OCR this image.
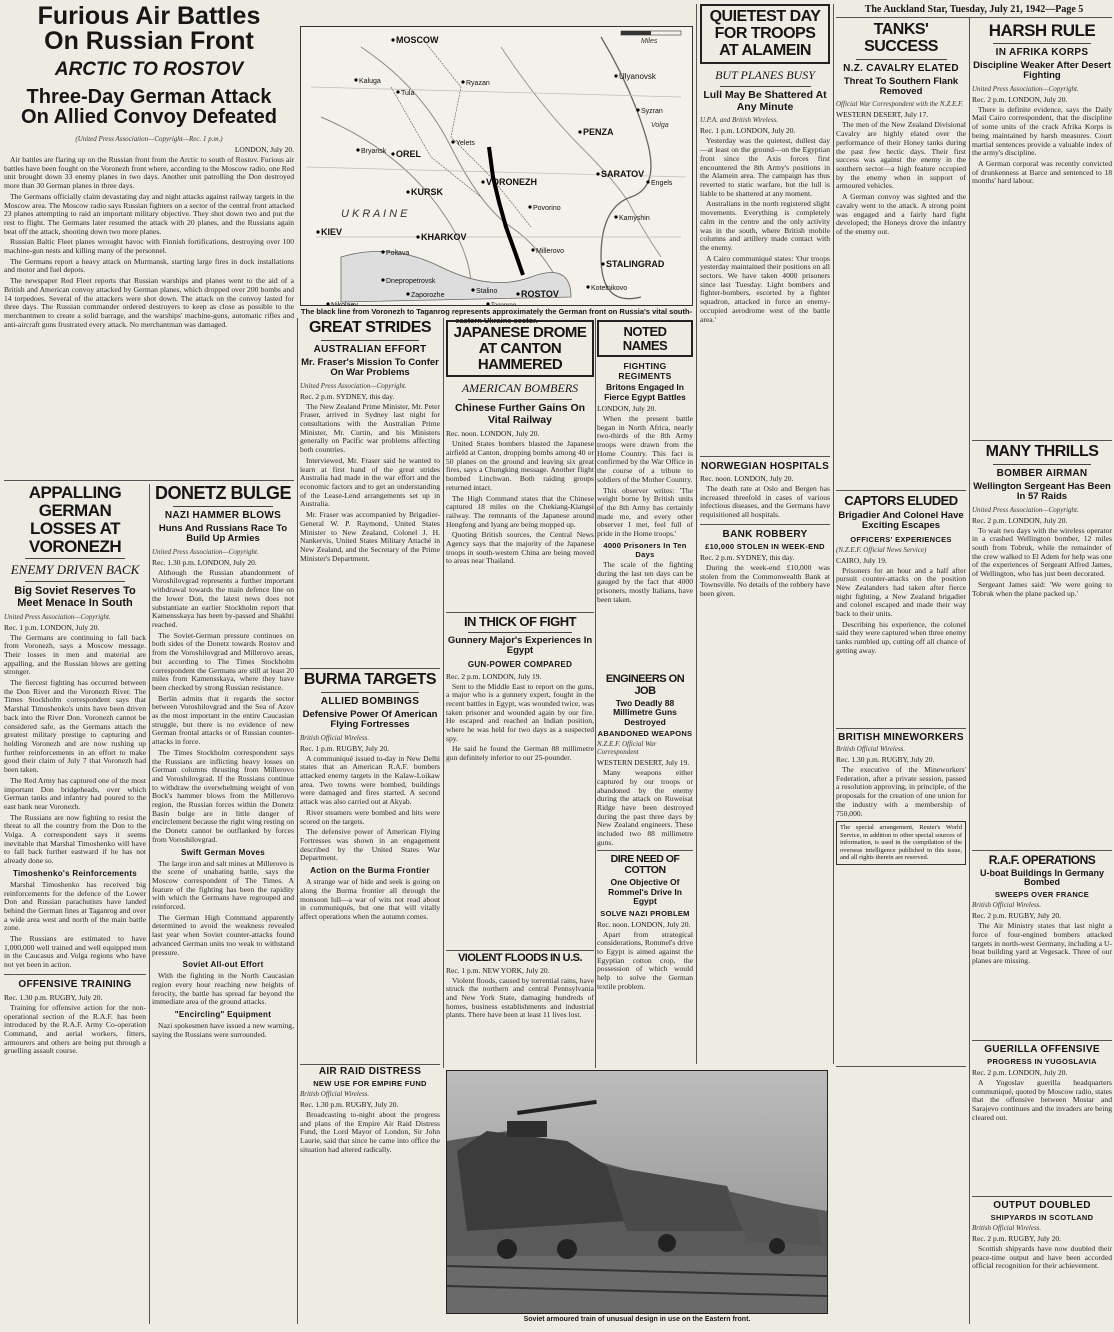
Furious Air Battles
On Russian Front
ARCTIC TO ROSTOV
Three-Day German Attack
On Allied Convoy Defeated
(United Press Association—Copyright—Rec. 1 p.m.)
LONDON, July 20.

Air battles are flaring up on the Russian front from the Arctic to south of Rostov. Furious air battles have been fought on the Voronezh front where, according to the Moscow radio, one Red unit brought down 33 enemy planes in two days. Another unit patrolling the Don destroyed more than 30 German planes in three days.

The Germans officially claim devastating day and night attacks against railway targets in the Moscow area. The Moscow radio says Russian fighters on a sector of the central front attacked 23 planes attempting to raid an important military objective. They shot down two and put the rest to flight. The Germans later resumed the attack with 20 planes, and the Russians again beat off the attack, shooting down two more planes.

Russian Baltic Fleet planes wrought havoc with Finnish fortifications, destroying over 100 machine-gun nests and killing many of the personnel.

The Germans report a heavy attack on Murmansk, starting large fires in dock installations and motor and fuel depots.

The newspaper Red Fleet reports that Russian warships and planes went to the aid of a British and American convoy attacked by German planes, which dropped over 200 bombs and 14 torpedoes. Several of the attackers were shot down. The attack on the convoy lasted for three days. The Russian commander ordered destroyers to keep as close as possible to the merchantmen to create a solid barrage, and the warships' machine-guns, automatic rifles and anti-aircraft guns frustrated every attack. No merchantman was damaged.

MOSCOW
Ryazan
Ulyanovsk
Tula
Kaluga
Syzran
Bryansk OREL
Yelets
PENZA
KURSK
VORONEZH
SARATOV
Engels
KIEV	KHARKOV
Povorino
Kamyshin
STALINGRAD
Poltava	Millerovo
Dnepropetrovsk
Zaporozhe
Stalino	ROSTOV
Kotelnikovo
U K R A I N E
Volga
Miles
The black line from Voronezh to Taganrog represents approximately the German front on Russia's vital south-eastern Ukraine sector.
APPALLING GERMAN LOSSES AT VORONEZH
ENEMY DRIVEN BACK
Big Soviet Reserves To Meet Menace In South
United Press Association—Copyright.
Rec. 1 p.m. LONDON, July 20.

The Germans are continuing to fall back from Voronezh, says a Moscow message. Their losses in men and material are appalling, and the Russian blows are getting stronger.

The fiercest fighting has occurred between the Don River and the Voronezh River. The Times Stockholm correspondent says that Marshal Timoshenko's units have been driven back into the River Don. Voronezh cannot be considered safe, as the Germans attach the greatest military prestige to capturing and holding Voronezh and are now rushing up further reinforcements in an effort to make good their claim of July 7 that Voronezh had been taken.

The Red Army has captured one of the most important Don bridgeheads, over which German tanks and infantry had poured to the east bank near Voronezh.

The Russians are now fighting to resist the threat to all the country from the Don to the Volga. A correspondent says it seems inevitable that Marshal Timoshenko will have to fall back further eastward if he has not already done so.

Timoshenko's Reinforcements

Marshal Timoshenko has received big reinforcements for the defence of the Lower Don and Russian parachutists have landed behind the German lines at Taganrog and over a wide area west and north of the main battle zone.

The Russians are estimated to have 1,000,000 well trained and well equipped men in the Caucasus and Volga regions who have not yet been in action.

OFFENSIVE TRAINING
Rec. 1.30 p.m. RUGBY, July 20.

Training for offensive action for the non-operational section of the R.A.F. has been introduced by the R.A.F. Army Co-operation Command, and aerial workers, fitters, armourers and others are being put through a gruelling assault course.

DONETZ BULGE
NAZI HAMMER BLOWS
Huns And Russians Race To Build Up Armies
United Press Association—Copyright.
Rec. 1.30 p.m. LONDON, July 20.

Although the Russian abandonment of Voroshilovgrad represents a further important withdrawal towards the main defence line on the lower Don, the latest news does not substantiate an earlier Stockholm report that Kamensskaya has been by-passed and Shakhti reached.

The Soviet-German pressure continues on both sides of the Donetz towards Rostov and from the Voroshilovgrad and Millerovo areas, but according to The Times Stockholm correspondent the Germans are still at least 20 miles from Kamensskaya, where they have been checked by strong Russian resistance.

Berlin admits that it regards the sector between Voroshilovgrad and the Sea of Azov as the most important in the entire Caucasian struggle, but there is no evidence of new German frontal attacks or of Russian counter-attacks in force.

The Times Stockholm correspondent says the Russians are inflicting heavy losses on German columns thrusting from Millerovo and Voroshilovgrad. If the Russians continue to withdraw the overwhelming weight of von Bock's hammer blows from the Millerovo region, the Russian forces within the Donetz Basin bulge are in little danger of encirclement because the right wing resting on the Donetz cannot be outflanked by forces from Voroshilovgrad.

Swift German Moves

The large iron and salt mines at Millerovo is the scene of unabating battle, says the Moscow correspondent of The Times. A feature of the fighting has been the rapidity with which the Germans have regrouped and reinforced.

The German High Command apparently determined to avoid the weakness revealed last year when Soviet counter-attacks found advanced German units too weak to withstand pressure.

Soviet All-out Effort

With the fighting in the North Caucasian region every hour reaching new heights of ferocity, the battle has spread far beyond the immediate area of the ground attacks.

"Encircling" Equipment

Nazi spokesmen have issued a new warning, saying the Russians were surrounded.

GREAT STRIDES
AUSTRALIAN EFFORT
Mr. Fraser's Mission To Confer On War Problems
United Press Association—Copyright.
Rec. 2 p.m. SYDNEY, this day.

The New Zealand Prime Minister, Mr. Peter Fraser, arrived in Sydney last night for consultations with the Australian Prime Minister, Mr. Curtin, and his Ministers generally on Pacific war problems affecting both countries.

Interviewed, Mr. Fraser said he wanted to learn at first hand of the great strides Australia had made in the war effort and the economic factors and to get an understanding of the Lease-Lend arrangements set up in Australia.

Mr. Fraser was accompanied by Brigadier-General W. P. Raymond, United States Minister to New Zealand, Colonel J. H. Nankervis, United States Military Attaché in New Zealand, and the Secretary of the Prime Minister's Department.

BURMA TARGETS
ALLIED BOMBINGS
Defensive Power Of American Flying Fortresses
British Official Wireless.
Rec. 1 p.m. RUGBY, July 20.

A communiqué issued to-day in New Delhi states that an American R.A.F. bombers attacked enemy targets in the Kalaw-Loikaw area. Two towns were bombed, buildings were damaged and fires started. A second attack was also carried out at Akyab.

River steamers were bombed and hits were scored on the targets.

The defensive power of American Flying Fortresses was shown in an engagement described by the United States War Department.

Action on the Burma Frontier

A strange war of hide and seek is going on along the Burma frontier all through the monsoon lull—a war of wits not read about in communiqués, but one that will vitally affect operations when the autumn comes.

JAPANESE DROME AT CANTON HAMMERED
AMERICAN BOMBERS
Chinese Further Gains On Vital Railway
Rec. noon. LONDON, July 20.

United States bombers blasted the Japanese airfield at Canton, dropping bombs among 40 or 50 planes on the ground and leaving six great fires, says a Chungking message. Another flight bombed Linchwan. Both raiding groups returned intact.

The High Command states that the Chinese captured 18 miles on the Chekiang-Kiangsi railway. The remnants of the Japanese around Hengfeng and Iyang are being mopped up.

Quoting British sources, the Central News Agency says that the majority of the Japanese troops in south-western China are being moved to areas near Thailand.

IN THICK OF FIGHT
Gunnery Major's Experiences In Egypt
GUN-POWER COMPARED
Rec. 2 p.m. LONDON, July 19.

Sent to the Middle East to report on the guns, a major who is a gunnery expert, fought in the recent battles in Egypt, was wounded twice, was taken prisoner and wounded again by our fire. He escaped and reached an Indian position, where he was held for two days as a suspected spy.

He said he found the German 88 millimetre gun definitely inferior to our 25-pounder.

VIOLENT FLOODS IN U.S.
Rec. 1 p.m. NEW YORK, July 20.

Violent floods, caused by torrential rains, have struck the northern and central Pennsylvania and New York State, damaging hundreds of homes, business establishments and industrial plants. There have been at least 11 lives lost.

AIR RAID DISTRESS
NEW USE FOR EMPIRE FUND
British Official Wireless.
Rec. 1.30 p.m. RUGBY, July 20.

Broadcasting to-night about the progress and plans of the Empire Air Raid Distress Fund, the Lord Mayor of London, Sir John Laurie, said that since he came into office the situation had altered radically.

Soviet armoured train of unusual design in use on the Eastern front.
QUIETEST DAY FOR TROOPS AT ALAMEIN
BUT PLANES BUSY
Lull May Be Shattered At Any Minute
U.P.A. and British Wireless.
Rec. 1 p.m. LONDON, July 20.

Yesterday was the quietest, dullest day—at least on the ground—on the Egyptian front since the Axis forces first encountered the 8th Army's positions in the Alamein area. The campaign has thus reverted to static warfare, but the lull is liable to be shattered at any moment.

Australians in the north registered slight movements. Everything is completely calm in the centre and the only activity was in the south, where British mobile columns and artillery made contact with the enemy.

A Cairo communiqué states: 'Our troops yesterday maintained their positions on all sectors. We have taken 4000 prisoners since last Tuesday. Light bombers and fighter-bombers, escorted by a fighter squadron, attacked in force an enemy-occupied aerodrome west of the battle area.'

NOTED NAMES
FIGHTING REGIMENTS
Britons Engaged In Fierce Egypt Battles
LONDON, July 20.

When the present battle began in North Africa, nearly two-thirds of the 8th Army troops were drawn from the Home Country. This fact is confirmed by the War Office in the course of a tribute to soldiers of the Mother Country.

This observer writes: 'The weight borne by British units of the 8th Army has certainly made me, and every other observer I met, feel full of pride in the Home troops.'

4000 Prisoners In Ten Days

The scale of the fighting during the last ten days can be gauged by the fact that 4000 prisoners, mostly Italians, have been taken.

ENGINEERS ON JOB
Two Deadly 88 Millimetre Guns Destroyed
ABANDONED WEAPONS
N.Z.E.F. Official War Correspondent
WESTERN DESERT, July 19.

Many weapons either captured by our troops or abandoned by the enemy during the attack on Ruweisat Ridge have been destroyed during the past three days by New Zealand engineers. These included two 88 millimetre guns.

DIRE NEED OF COTTON
One Objective Of Rommel's Drive In Egypt
SOLVE NAZI PROBLEM
Rec. noon. LONDON, July 20.

Apart from strategical considerations, Rommel's drive to Egypt is aimed against the Egyptian cotton crop, the possession of which would help to solve the German textile problem.

NORWEGIAN HOSPITALS
Rec. noon. LONDON, July 20.

The death rate at Oslo and Bergen has increased threefold in cases of various infectious diseases, and the Germans have requisitioned all hospitals.

BANK ROBBERY
£10,000 STOLEN IN WEEK-END
Rec. 2 p.m. SYDNEY, this day.

During the week-end £10,000 was stolen from the Commonwealth Bank at Townsville. No details of the robbery have been given.

The Auckland Star, Tuesday, July 21, 1942—Page 5
TANKS' SUCCESS
N.Z. CAVALRY ELATED
Threat To Southern Flank Removed
Official War Correspondent with the N.Z.E.F.
WESTERN DESERT, July 17.

The men of the New Zealand Divisional Cavalry are highly elated over the performance of their Honey tanks during the past few hectic days. Their first success was against the enemy in the southern sector—a high feature occupied by the enemy when in support of armoured vehicles.

A German convoy was sighted and the cavalry went to the attack. A strong point was engaged and a fairly hard fight developed; the Honeys drove the infantry of the enemy out.

CAPTORS ELUDED
Brigadier And Colonel Have Exciting Escapes
OFFICERS' EXPERIENCES
(N.Z.E.F. Official News Service)
CAIRO, July 19.

Prisoners for an hour and a half after pursuit counter-attacks on the position New Zealanders had taken after fierce night fighting, a New Zealand brigadier and colonel escaped and made their way back to their units.

Describing his experience, the colonel said they were captured when three enemy tanks rumbled up, cutting off all chance of getting away.

BRITISH MINEWORKERS
British Official Wireless.
Rec. 1.30 p.m. RUGBY, July 20.

The executive of the Mineworkers' Federation, after a private session, passed a resolution approving, in principle, of the proposals for the creation of one union for the industry with a membership of 750,000.

The special arrangement, Reuter's World Service, in addition to other special sources of information, is used in the compilation of the overseas intelligence published in this issue, and all rights therein are reserved.
HARSH RULE
IN AFRIKA KORPS
Discipline Weaker After Desert Fighting
United Press Association—Copyright.
Rec. 2 p.m. LONDON, July 20.

There is definite evidence, says the Daily Mail Cairo correspondent, that the discipline of some units of the crack Afrika Korps is being maintained by harsh measures. Court martial sentences provide a valuable index of the army's discipline.

A German corporal was recently convicted of drunkenness at Barce and sentenced to 18 months' hard labour.

MANY THRILLS
BOMBER AIRMAN
Wellington Sergeant Has Been In 57 Raids
United Press Association—Copyright.
Rec. 2 p.m. LONDON, July 20.

To wait two days with the wireless operator in a crashed Wellington bomber, 12 miles south from Tobruk, while the remainder of the crew walked to El Adem for help was one of the experiences of Sergeant Alfred James, of Wellington, who has just been decorated.

Sergeant James said: 'We were going to Tobruk when the plane packed up.'

R.A.F. OPERATIONS
U-boat Buildings In Germany Bombed
SWEEPS OVER FRANCE
British Official Wireless.
Rec. 2 p.m. RUGBY, July 20.

The Air Ministry states that last night a force of four-engined bombers attacked targets in north-west Germany, including a U-boat building yard at Vegesack. Three of our planes are missing.

GUERILLA OFFENSIVE
PROGRESS IN YUGOSLAVIA
Rec. 2 p.m. LONDON, July 20.

A Yugoslav guerilla headquarters communiqué, quoted by Moscow radio, states that the offensive between Mostar and Sarajevo continues and the invaders are being cleared out.

OUTPUT DOUBLED
SHIPYARDS IN SCOTLAND
British Official Wireless.
Rec. 2 p.m. RUGBY, July 20.

Scottish shipyards have now doubled their peace-time output and have been accorded official recognition for their achievement.
